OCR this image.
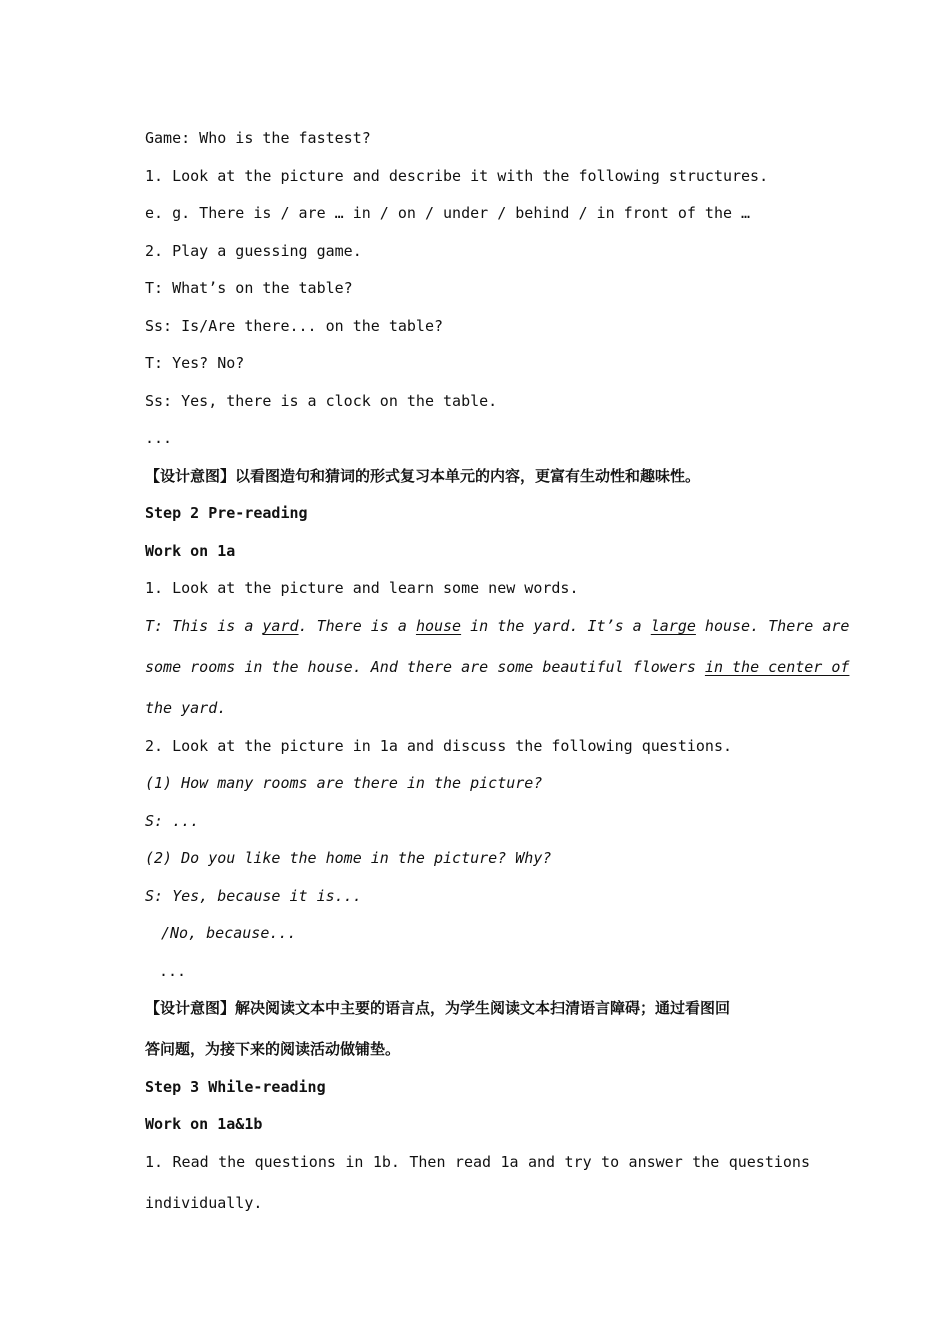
Game: Who is the fastest?
1. Look at the picture and describe it with the following structures.
e. g. There is / are … in / on / under / behind / in front of the …
2. Play a guessing game.
T: What’s on the table?
Ss: Is/Are there... on the table?
T: Yes? No?
Ss: Yes, there is a clock on the table.
...
【设计意图】以看图造句和猜词的形式复习本单元的内容，更富有生动性和趣味性。
Step 2 Pre-reading
Work on 1a
1. Look at the picture and learn some new words.
T: This is a yard. There is a house in the yard. It’s a large house. There are
some rooms in the house. And there are some beautiful flowers in the center of
the yard.
2. Look at the picture in 1a and discuss the following questions.
(1) How many rooms are there in the picture?
S: ...
(2) Do you like the home in the picture? Why?
S: Yes, because it is...
/No, because...
...
【设计意图】解决阅读文本中主要的语言点，为学生阅读文本扫清语言障碍；通过看图回
答问题，为接下来的阅读活动做铺垫。
Step 3 While-reading
Work on 1a&1b
1. Read the questions in 1b. Then read 1a and try to answer the questions
individually.
